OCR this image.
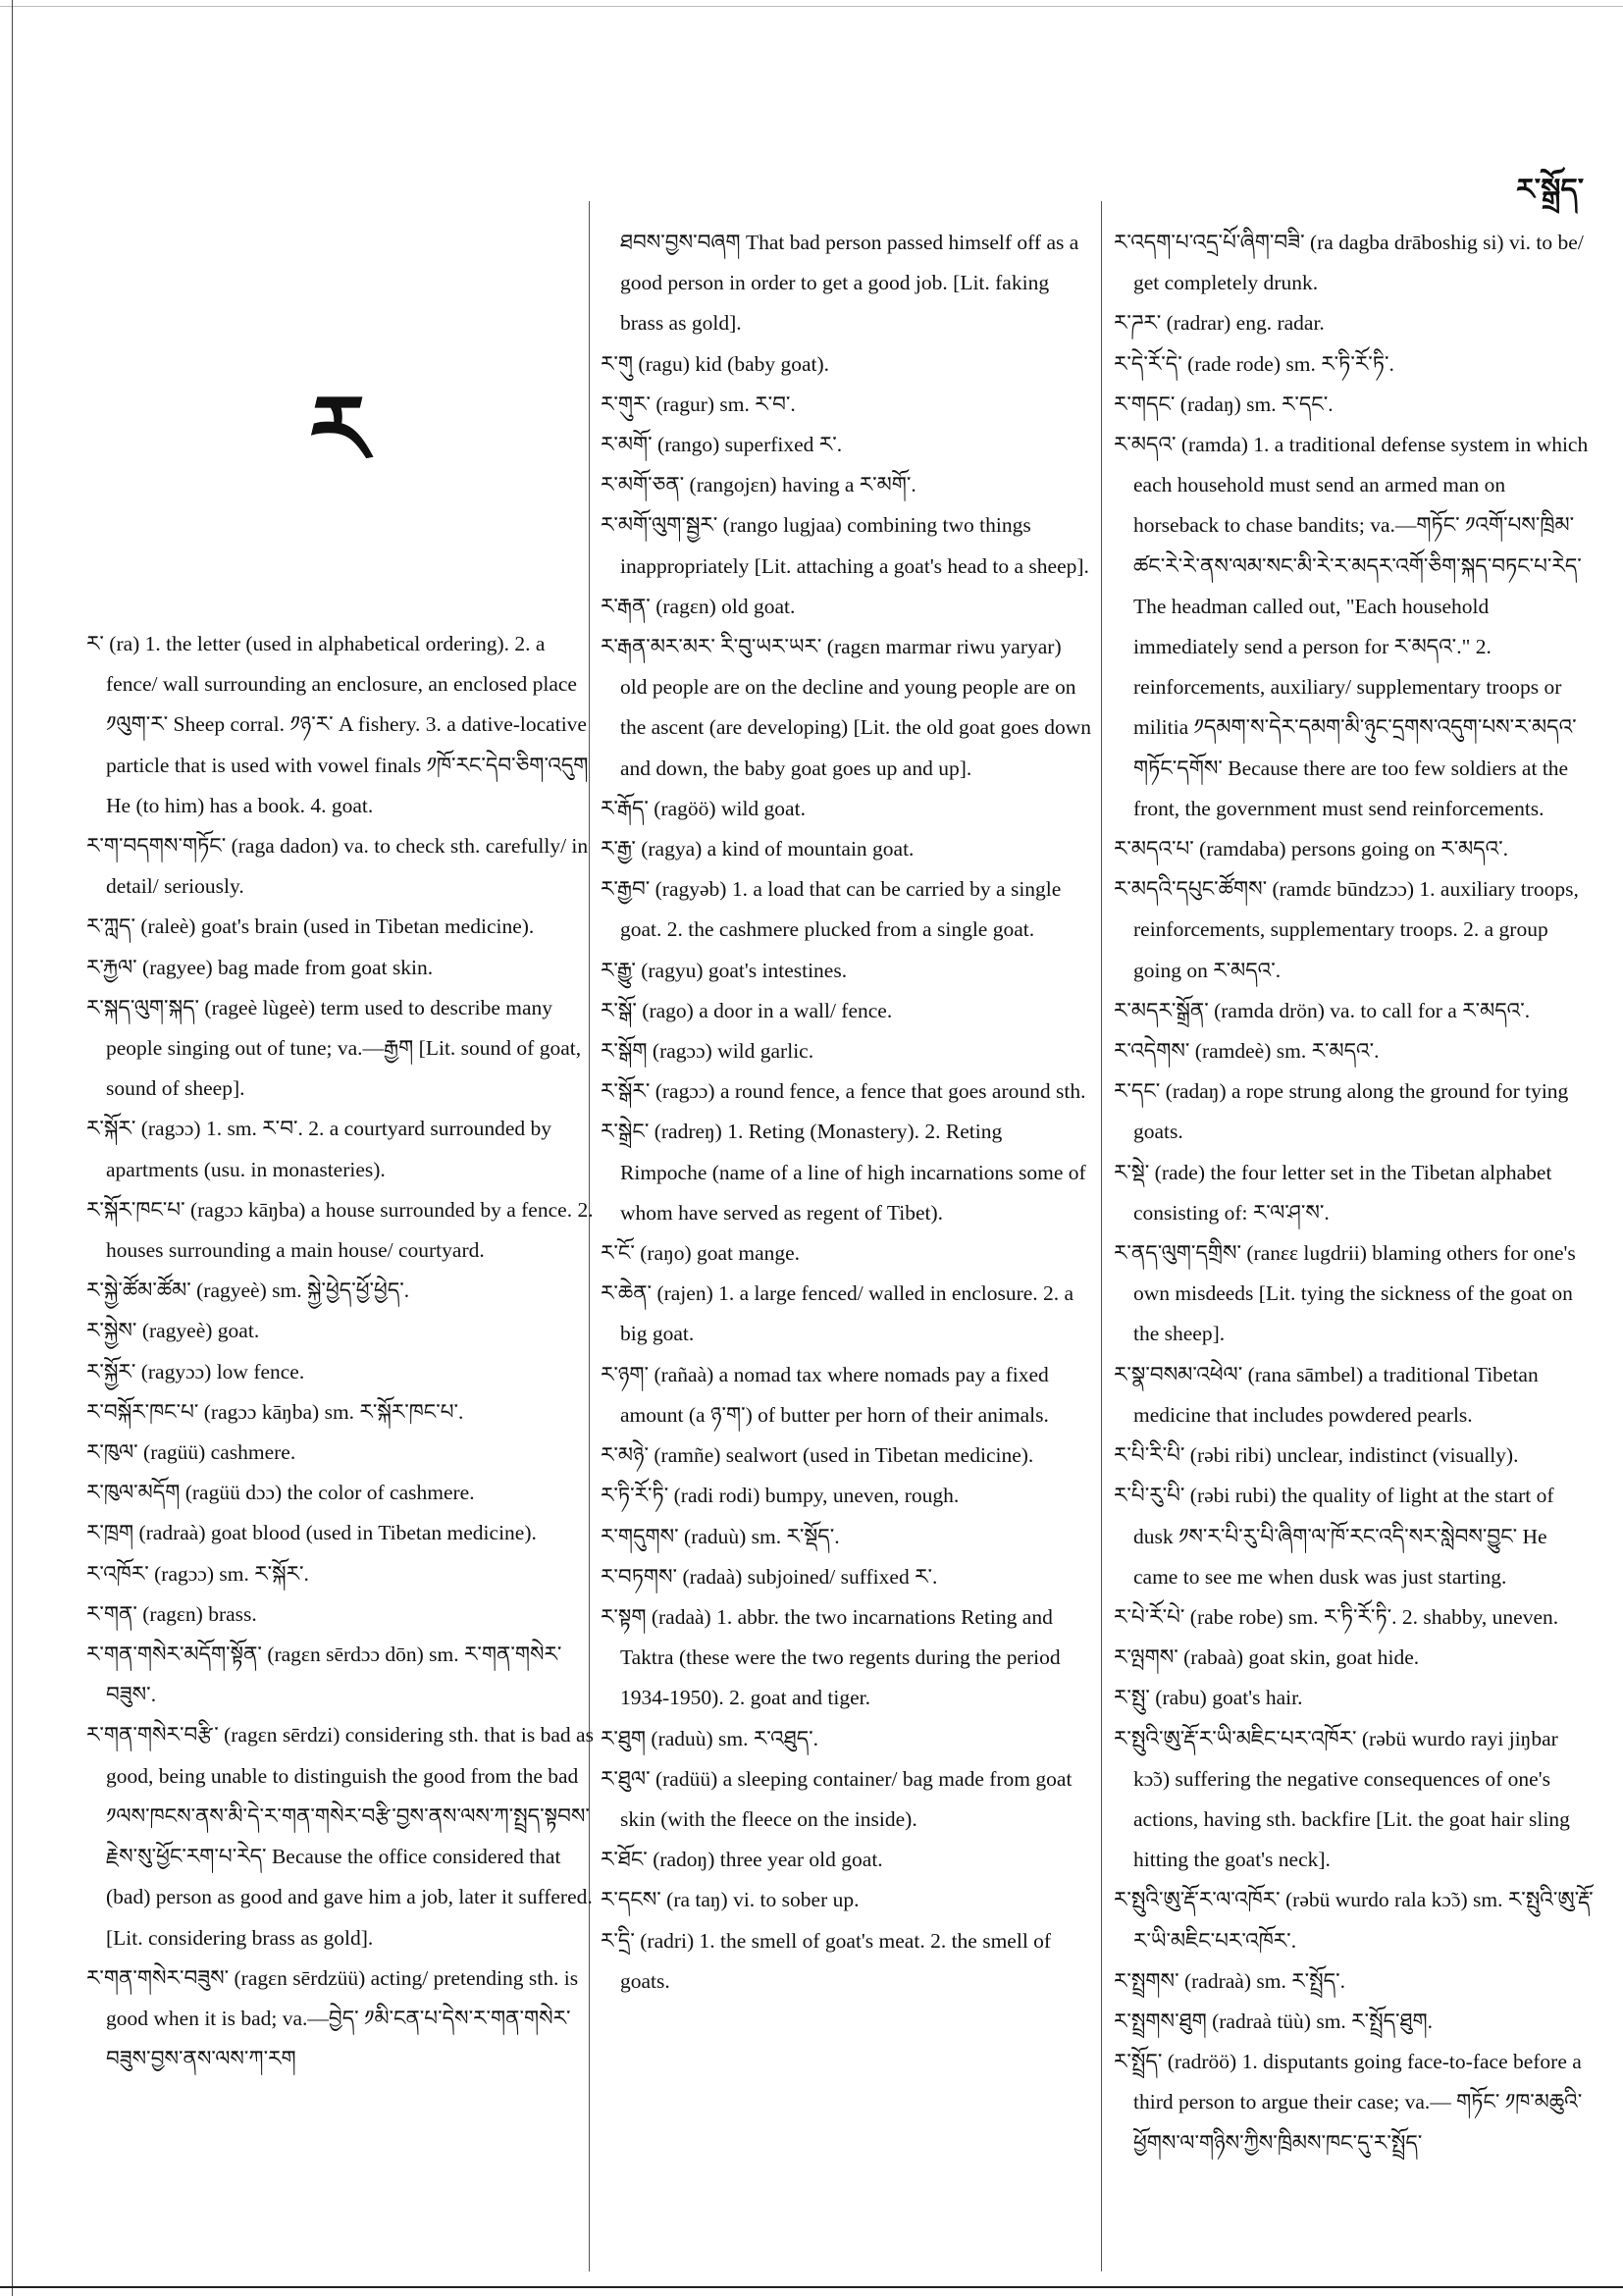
ར་སྒྲོད་
ར

ར་ (ra) 1. the letter (used in alphabetical ordering). 2. a fence/ wall surrounding an enclosure, an enclosed place ༡ལུག་ར་ Sheep corral. ༡ཉ་ར་ A fishery. 3. a dative-locative particle that is used with vowel finals ༡ཁོ་རང་དེབ་ཅིག་འདུག He (to him) has a book. 4. goat.

ར་ག་བདགས་གཏོང་ (raga dadon) va. to check sth. carefully/ in detail/ seriously.

ར་ཀླད་ (raleè) goat's brain (used in Tibetan medicine).

ར་རྐྱལ་ (ragyee) bag made from goat skin.

ར་སྐད་ལུག་སྐད་ (rageè lùgeè) term used to describe many people singing out of tune; va.—རྒྱག [Lit. sound of goat, sound of sheep].

ར་སྐོར་ (ragɔɔ) 1. sm. ར་བ་. 2. a courtyard surrounded by apartments (usu. in monasteries).

ར་སྐོར་ཁང་པ་ (ragɔɔ kāŋba) a house surrounded by a fence. 2. houses surrounding a main house/ courtyard.

ར་སྐྱེ་ཚོམ་ཚོམ་ (ragyeè) sm. སྐྱེ་ཕྱེད་ཕྱོ་ཕྱེད་.

ར་སྐྱེས་ (ragyeè) goat.

ར་སྐྱོར་ (ragyɔɔ) low fence.

ར་བསྐོར་ཁང་པ་ (ragɔɔ kāŋba) sm. ར་སྐོར་ཁང་པ་.

ར་ཁུལ་ (ragüü) cashmere.

ར་ཁུལ་མདོག (ragüü dɔɔ) the color of cashmere.

ར་ཁྲག (radraà) goat blood (used in Tibetan medicine).

ར་འཁོར་ (ragɔɔ) sm. ར་སྐོར་.

ར་གན་ (ragɛn) brass.

ར་གན་གསེར་མདོག་སྟོན་ (ragɛn sērdɔɔ dōn) sm. ར་གན་གསེར་བཟུས་.

ར་གན་གསེར་བརྩི་ (ragɛn sērdzi) considering sth. that is bad as good, being unable to distinguish the good from the bad ༡ལས་ཁངས་ནས་མི་དེ་ར་གན་གསེར་བརྩི་བྱས་ནས་ལས་ཀ་སྤྲད་སྟབས་རྗེས་སུ་ཕྱོང་རག་པ་རེད་ Because the office considered that (bad) person as good and gave him a job, later it suffered. [Lit. considering brass as gold].

ར་གན་གསེར་བཟུས་ (ragɛn sērdzüü) acting/ pretending sth. is good when it is bad; va.—བྱེད་ ༡མི་ངན་པ་དེས་ར་གན་གསེར་བཟུས་བྱས་ནས་ལས་ཀ་རག

ཐབས་བྱས་བཞག That bad person passed himself off as a good person in order to get a good job. [Lit. faking brass as gold].

ར་གུ (ragu) kid (baby goat).

ར་གུར་ (ragur) sm. ར་བ་.

ར་མགོ་ (rango) superfixed ར་.

ར་མགོ་ཅན་ (rangojɛn) having a ར་མགོ་.

ར་མགོ་ལུག་སྦྱར་ (rango lugjaa) combining two things inappropriately [Lit. attaching a goat's head to a sheep].

ར་རྒན་ (ragɛn) old goat.

ར་རྒན་མར་མར་ རི་བུ་ཡར་ཡར་ (ragɛn marmar riwu yaryar) old people are on the decline and young people are on the ascent (are developing) [Lit. the old goat goes down and down, the baby goat goes up and up].

ར་རྒོད་ (ragöö) wild goat.

ར་རྒྱ་ (ragya) a kind of mountain goat.

ར་རྒྱབ་ (ragyəb) 1. a load that can be carried by a single goat. 2. the cashmere plucked from a single goat.

ར་རྒྱུ་ (ragyu) goat's intestines.

ར་སྒོ་ (rago) a door in a wall/ fence.

ར་སྒོག (ragɔɔ) wild garlic.

ར་སྒོར་ (ragɔɔ) a round fence, a fence that goes around sth.

ར་སྒྲེང་ (radreŋ) 1. Reting (Monastery). 2. Reting Rimpoche (name of a line of high incarnations some of whom have served as regent of Tibet).

ར་ངོ་ (raŋo) goat mange.

ར་ཆེན་ (rajen) 1. a large fenced/ walled in enclosure. 2. a big goat.

ར་ཉག་ (rañaà) a nomad tax where nomads pay a fixed amount (a ཉ་ག་) of butter per horn of their animals.

ར་མཉེ་ (ramñe) sealwort (used in Tibetan medicine).

ར་ཏི་རོ་ཏི་ (radi rodi) bumpy, uneven, rough.

ར་གདུགས་ (raduù) sm. ར་སྡོད་.

ར་བཏགས་ (radaà) subjoined/ suffixed ར་.

ར་སྟག (radaà) 1. abbr. the two incarnations Reting and Taktra (these were the two regents during the period 1934-1950). 2. goat and tiger.

ར་ཐུག (raduù) sm. ར་འཐུད་.

ར་ཐུལ་ (radüü) a sleeping container/ bag made from goat skin (with the fleece on the inside).

ར་ཐོང་ (radoŋ) three year old goat.

ར་དངས་ (ra taŋ) vi. to sober up.

ར་དྲི་ (radri) 1. the smell of goat's meat. 2. the smell of goats.

ར་འདག་པ་འདྲ་པོ་ཞིག་བཟི་ (ra dagba drāboshig si) vi. to be/ get completely drunk.

ར་ཌར་ (radrar) eng. radar.

ར་དེ་རོ་དེ་ (rade rode) sm. ར་ཏི་རོ་ཏི་.

ར་གདང་ (radaŋ) sm. ར་དང་.

ར་མདའ་ (ramda) 1. a traditional defense system in which each household must send an armed man on horseback to chase bandits; va.—གཏོང་ ༡འགོ་པས་ཁྲིམ་ཚང་རེ་རེ་ནས་ལམ་སང་མི་རེ་ར་མདར་འགོ་ཅིག་སྐད་བཏང་པ་རེད་ The headman called out, "Each household immediately send a person for ར་མདའ་." 2. reinforcements, auxiliary/ supplementary troops or militia ༡དམག་ས་དེར་དམག་མི་ཉུང་དྲགས་འདུག་པས་ར་མདའ་གཏོང་དགོས་ Because there are too few soldiers at the front, the government must send reinforcements.

ར་མདའ་པ་ (ramdaba) persons going on ར་མདའ་.

ར་མདའི་དཔུང་ཚོགས་ (ramdɛ būndzɔɔ) 1. auxiliary troops, reinforcements, supplementary troops. 2. a group going on ར་མདའ་.

ར་མདར་སྒྲོན་ (ramda drön) va. to call for a ར་མདའ་.

ར་འདེགས་ (ramdeè) sm. ར་མདའ་.

ར་དང་ (radaŋ) a rope strung along the ground for tying goats.

ར་སྡེ་ (rade) the four letter set in the Tibetan alphabet consisting of: ར་ལ་ཤ་ས་.

ར་ནད་ལུག་དགྲིས་ (ranɛɛ lugdrii) blaming others for one's own misdeeds [Lit. tying the sickness of the goat on the sheep].

ར་སྣ་བསམ་འཕེལ་ (rana sāmbel) a traditional Tibetan medicine that includes powdered pearls.

ར་པི་རི་པི་ (rəbi ribi) unclear, indistinct (visually).

ར་པི་རུ་པི་ (rəbi rubi) the quality of light at the start of dusk ༡ས་ར་པི་རུ་པི་ཞིག་ལ་ཁོ་རང་འདི་སར་སླེབས་བྱུང་ He came to see me when dusk was just starting.

ར་པེ་རོ་པེ་ (rabe robe) sm. ར་ཏི་རོ་ཏི་. 2. shabby, uneven.

ར་ལྤགས་ (rabaà) goat skin, goat hide.

ར་སྤུ་ (rabu) goat's hair.

ར་སྤུའི་ཨུ་རྡོ་ར་ཡི་མཇིང་པར་འཁོར་ (rəbü wurdo rayi jiŋbar kɔ̃ɔ) suffering the negative consequences of one's actions, having sth. backfire [Lit. the goat hair sling hitting the goat's neck].

ར་སྤུའི་ཨུ་རྡོ་ར་ལ་འཁོར་ (rəbü wurdo rala kɔ̃ɔ) sm. ར་སྤུའི་ཨུ་རྡོ་ར་ཡི་མཇིང་པར་འཁོར་.

ར་སྤྲགས་ (radraà) sm. ར་སྤྲོད་.

ར་སྤྲགས་ཐུག (radraà tüù) sm. ར་སྤྲོད་ཐུག.

ར་སྤྲོད་ (radröö) 1. disputants going face-to-face before a third person to argue their case; va.— གཏོང་ ༡ཁ་མཆུའི་ཕྱོགས་ལ་གཉིས་ཀྱིས་ཁྲིམས་ཁང་དུ་ར་སྤྲོད་
